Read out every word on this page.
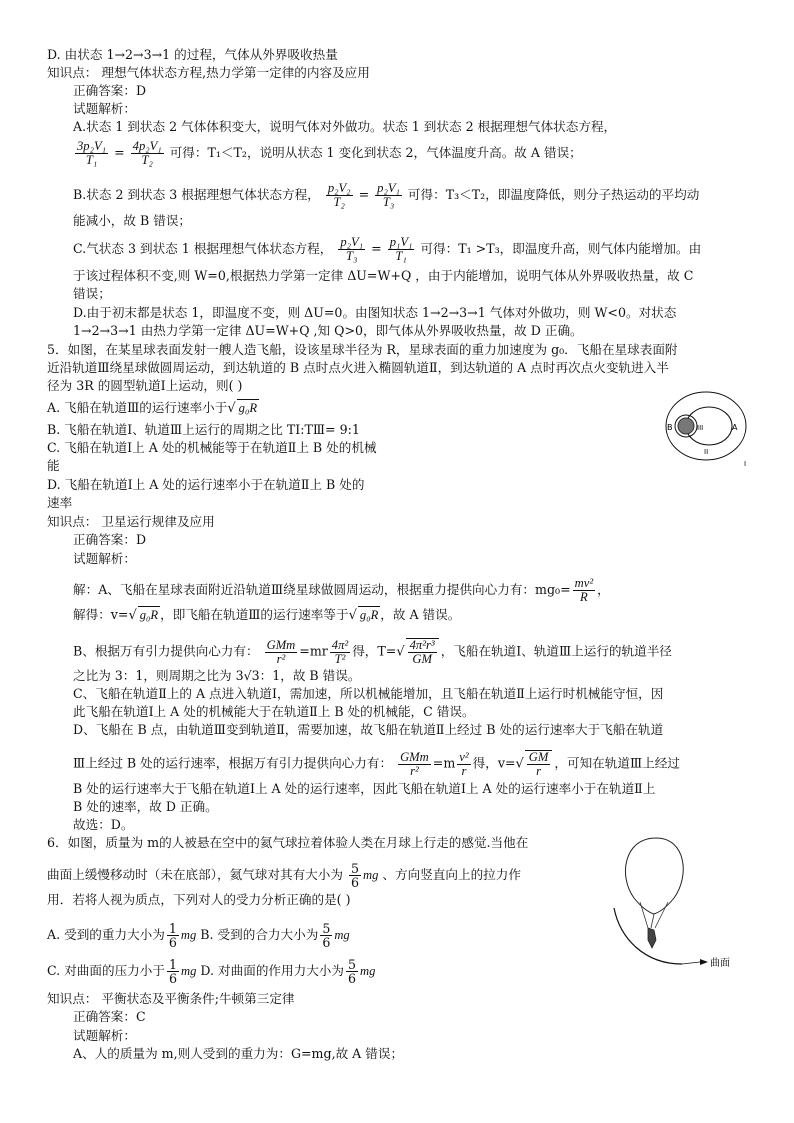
D. 由状态 1→2→3→1 的过程，气体从外界吸收热量
知识点： 理想气体状态方程,热力学第一定律的内容及应用
正确答案：D
试题解析：
A.状态 1 到状态 2 气体体积变大，说明气体对外做功。状态 1 到状态 2 根据理想气体状态方程，
$\frac{\text{3p₂V₁}}{\text{T₁}} = \frac{\text{4p₂V₁}}{\text{T₂}}$ 可得：T₁＜T₂，说明从状态 1 变化到状态 2，气体温度升高。故 A 错误；
B.状态 2 到状态 3 根据理想气体状态方程， $\frac{\text{p₂V₂}}{\text{T₂}} = \frac{\text{p₂V₁}}{\text{T₃}}$ 可得：T₃＜T₂，即温度降低，则分子热运动的平均动
能减小，故 B 错误；
C.气状态 3 到状态 1 根据理想气体状态方程， $\frac{\text{p₂V₁}}{\text{T₃}} = \frac{\text{p₁V₁}}{\text{T₁}}$ 可得：T₁ >T₃，即温度升高，则气体内能增加。由
于该过程体积不变,则 W=0,根据热力学第一定律 ΔU=W+Q ，由于内能增加，说明气体从外界吸收热量，故 C
错误；
D.由于初末都是状态 1，即温度不变，则 ΔU=0。由图知状态 1→2→3→1 气体对外做功，则 W<0。对状态
1→2→3→1 由热力学第一定律 ΔU=W+Q ,知 Q>0，即气体从外界吸收热量，故 D 正确。
5．如图，在某星球表面发射一艘人造飞船，设该星球半径为 R，星球表面的重力加速度为 g₀．飞船在星球表面附
近沿轨道Ⅲ绕星球做圆周运动，到达轨道的 B 点时点火进入椭圆轨道Ⅱ，到达轨道的 A 点时再次点火变轨进入半
径为 3R 的圆型轨道Ⅰ上运动，则( )
A. 飞船在轨道Ⅲ的运行速率小于√ g₀R
B. 飞船在轨道Ⅰ、轨道Ⅲ上运行的周期之比 TⅠ:TⅢ= 9:1
C. 飞船在轨道Ⅰ上 A 处的机械能等于在轨道Ⅱ上 B 处的机械
能
D. 飞船在轨道Ⅰ上 A 处的运行速率小于在轨道Ⅱ上 B 处的
速率
知识点： 卫星运行规律及应用
正确答案：D
试题解析：
B	III	A
II
I
解：A、飞船在星球表面附近沿轨道Ⅲ绕星球做圆周运动，根据重力提供向心力有：$mg_0= \frac{\text{mv²}}{R}$ ，
解得：v=√ g₀R ，即飞船在轨道Ⅲ的运行速率等于√ g₀R ，故 A 错误。
B、根据万有引力提供向心力有： $\frac{\text{GMm}}{\text{r²}} =mr \frac{\text{4π²}}{\text{T²}}$ 得，$T=√ \frac{\text{4π²r³}}{GM}$ ，飞船在轨道Ⅰ、轨道Ⅲ上运行的轨道半径
之比为 3：1，则周期之比为 3√3：1，故 B 错误。
C、飞船在轨道Ⅱ上的 A 点进入轨道Ⅰ，需加速，所以机械能增加，且飞船在轨道Ⅱ上运行时机械能守恒，因
此飞船在轨道Ⅰ上 A 处的机械能大于在轨道Ⅱ上 B 处的机械能，C 错误。
D、飞船在 B 点，由轨道Ⅲ变到轨道Ⅱ，需要加速，故飞船在轨道Ⅱ上经过 B 处的运行速率大于飞船在轨道
Ⅲ上经过 B 处的运行速率，根据万有引力提供向心力有： $\frac{\text{GMm}}{\text{r²}} =m \frac{\text{v²}}{r}$ 得，$v=√ \frac{GM}{r}$ ，可知在轨道Ⅲ上经过
B 处的运行速率大于飞船在轨道Ⅰ上 A 处的运行速率，因此飞船在轨道Ⅰ上 A 处的运行速率小于在轨道Ⅱ上
B 处的速率，故 D 正确。
故选：D。
6．如图，质量为 m的人被悬在空中的氦气球拉着体验人类在月球上行走的感觉.当他在
曲面上缓慢移动时（未在底部），氦气球对其有大小为 $\frac{5}{6}$ mg 、方向竖直向上的拉力作
用．若将人视为质点，下列对人的受力分析正确的是( )
A. 受到的重力大小为 $\frac{1}{6}$ mg B. 受到的合力大小为 $\frac{5}{6}$ mg
C. 对曲面的压力小于 $\frac{1}{6}$ mg D. 对曲面的作用力大小为 $\frac{5}{6}$ mg
知识点： 平衡状态及平衡条件;牛顿第三定律
正确答案：C
试题解析：
A、人的质量为 m,则人受到的重力为：G=mg,故 A 错误；
曲面
